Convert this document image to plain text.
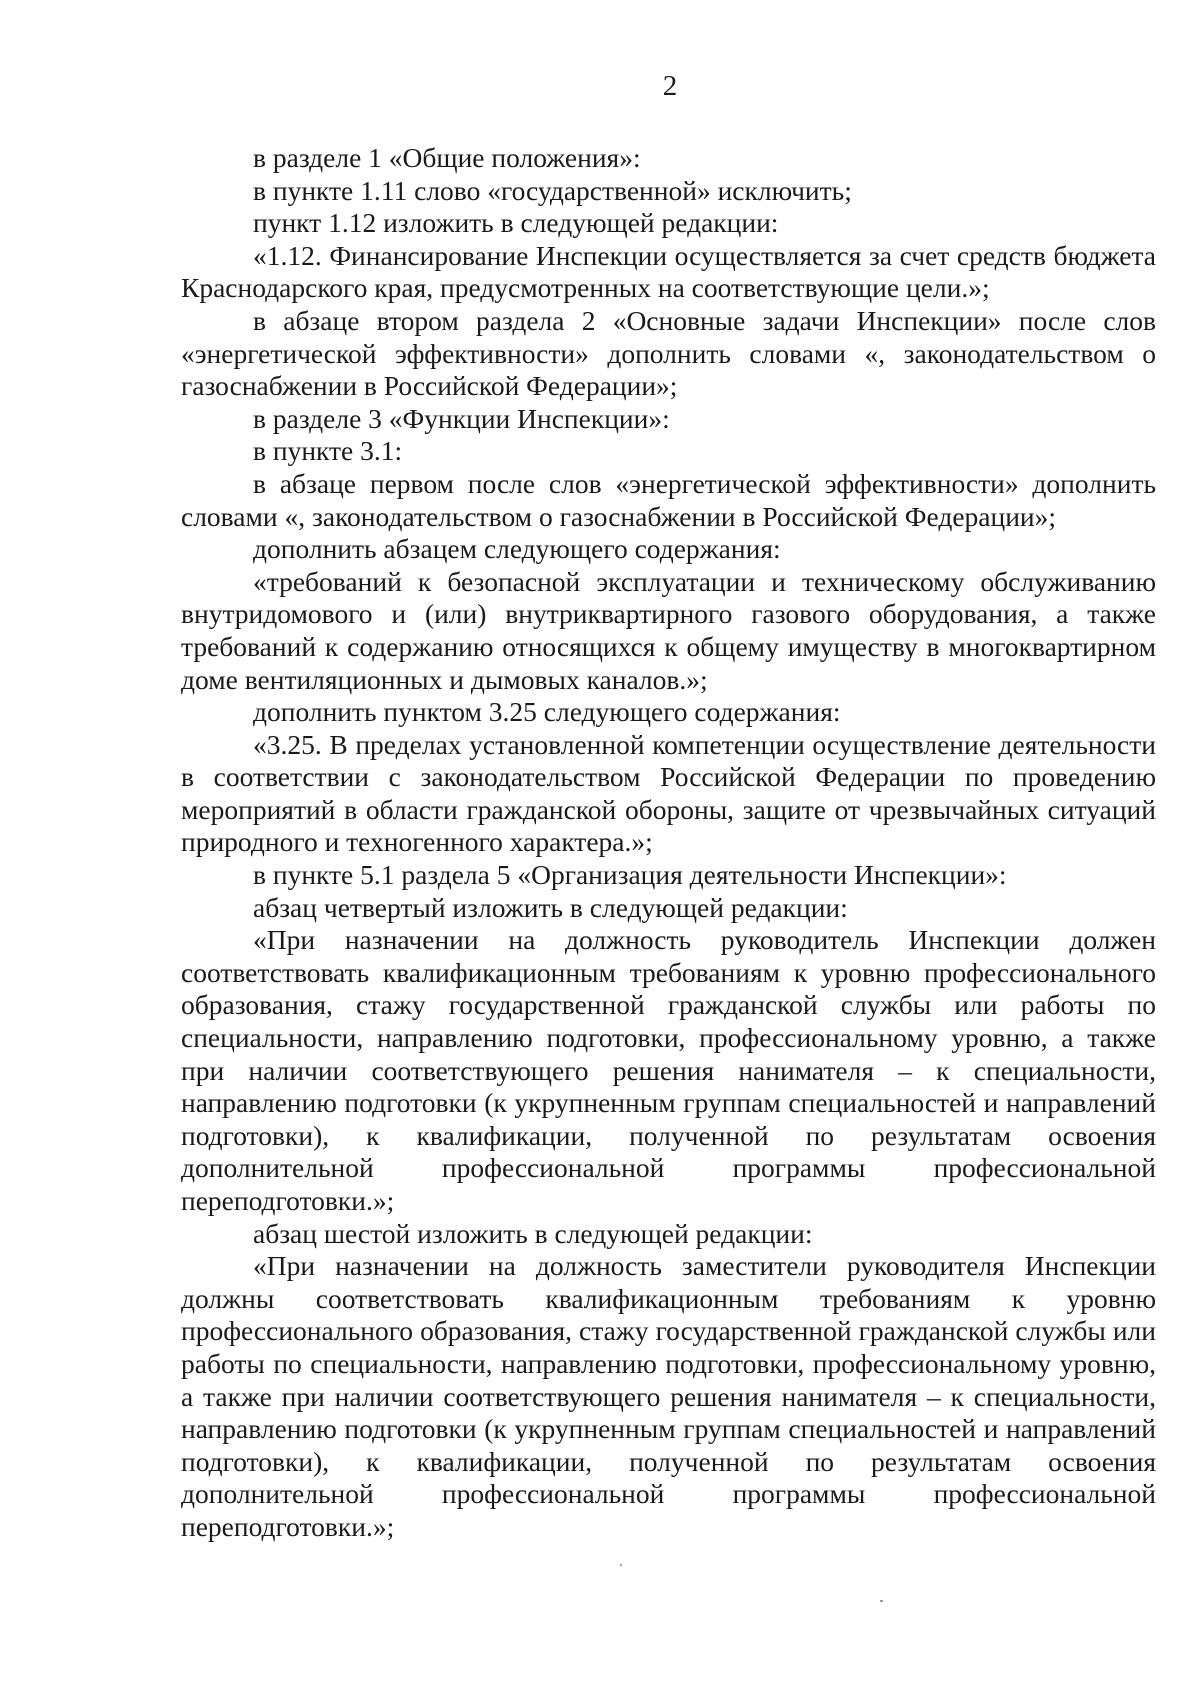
2

в разделе 1 «Общие положения»:

в пункте 1.11 слово «государственной» исключить;

пункт 1.12 изложить в следующей редакции:

«1.12. Финансирование Инспекции осуществляется за счет средств бюджета Краснодарского края, предусмотренных на соответствующие цели.»;

в абзаце втором раздела 2 «Основные задачи Инспекции» после слов «энергетической эффективности» дополнить словами «, законодательством о газоснабжении в Российской Федерации»;

в разделе 3 «Функции Инспекции»:

в пункте 3.1:

в абзаце первом после слов «энергетической эффективности» дополнить словами «, законодательством о газоснабжении в Российской Федерации»;

дополнить абзацем следующего содержания:

«требований к безопасной эксплуатации и техническому обслуживанию внутридомового и (или) внутриквартирного газового оборудования, а также требований к содержанию относящихся к общему имуществу в многоквартирном доме вентиляционных и дымовых каналов.»;

дополнить пунктом 3.25 следующего содержания:

«3.25. В пределах установленной компетенции осуществление деятельности в соответствии с законодательством Российской Федерации по проведению мероприятий в области гражданской обороны, защите от чрезвычайных ситуаций природного и техногенного характера.»;

в пункте 5.1 раздела 5 «Организация деятельности Инспекции»:

абзац четвертый изложить в следующей редакции:

«При назначении на должность руководитель Инспекции должен соответствовать квалификационным требованиям к уровню профессионального образования, стажу государственной гражданской службы или работы по специальности, направлению подготовки, профессиональному уровню, а также при наличии соответствующего решения нанимателя – к специальности, направлению подготовки (к укрупненным группам специальностей и направлений подготовки), к квалификации, полученной по результатам освоения дополнительной профессиональной программы профессиональной переподготовки.»;

абзац шестой изложить в следующей редакции:

«При назначении на должность заместители руководителя Инспекции должны соответствовать квалификационным требованиям к уровню профессионального образования, стажу государственной гражданской службы или работы по специальности, направлению подготовки, профессиональному уровню, а также при наличии соответствующего решения нанимателя – к специальности, направлению подготовки (к укрупненным группам специальностей и направлений подготовки), к квалификации, полученной по результатам освоения дополнительной профессиональной программы профессиональной переподготовки.»;
